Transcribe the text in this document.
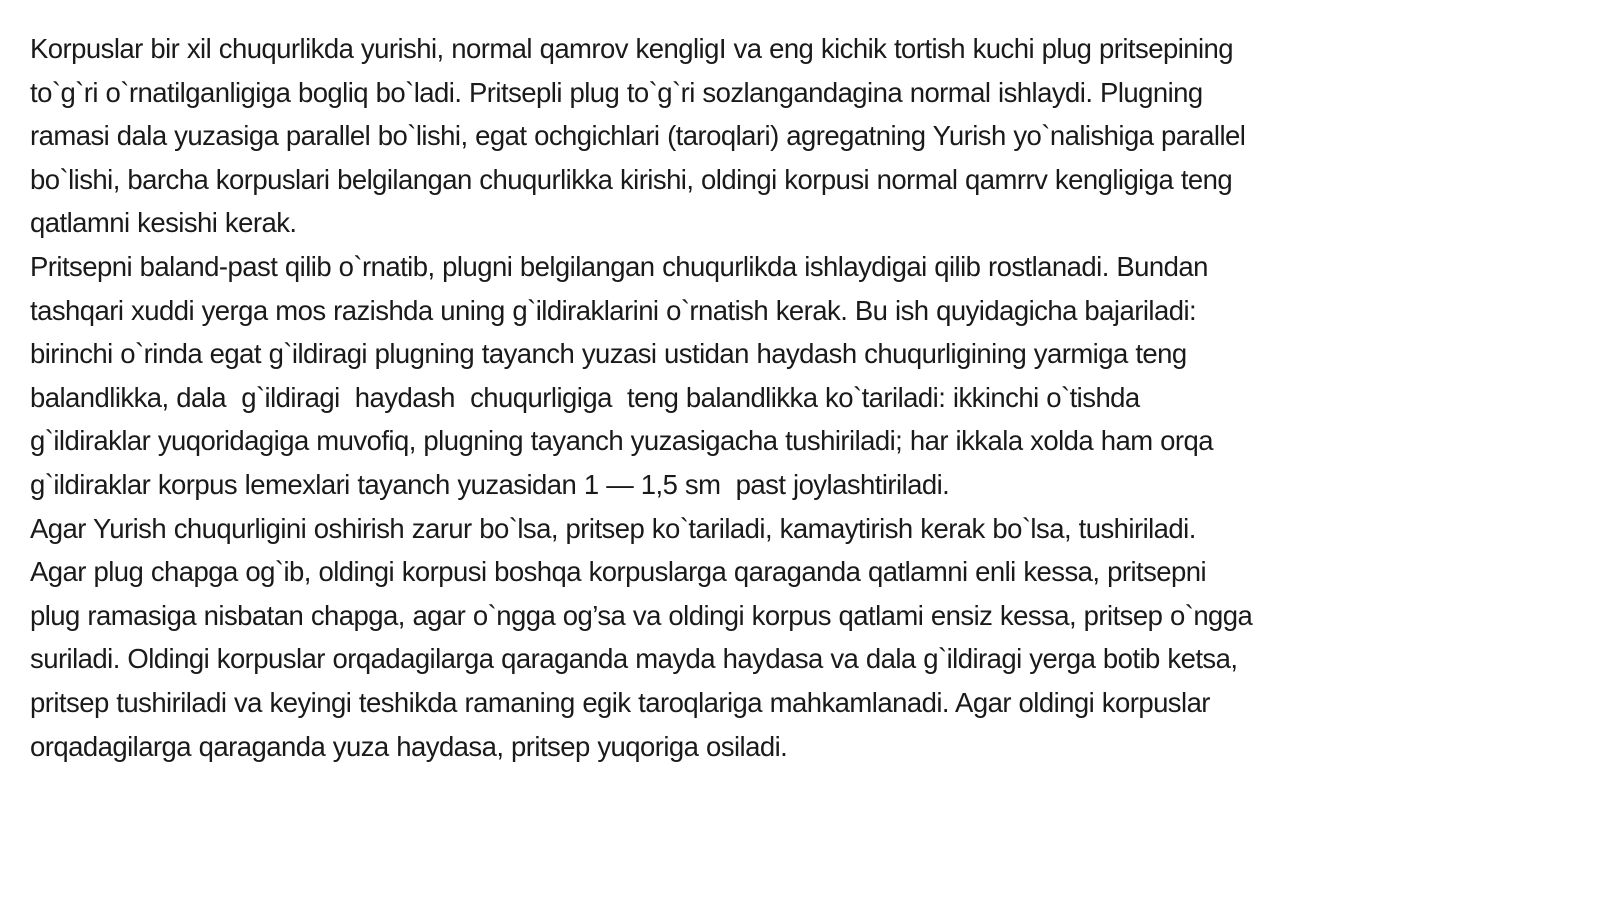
Korpuslar bir xil chuqurlikda yurishi, normal qamrov kengligI va eng kichik tortish kuchi plug pritsepining
to`g`ri o`rnatilganligiga bogliq bo`ladi. Pritsepli plug to`g`ri sozlangandagina normal ishlaydi. Plugning
ramasi dala yuzasiga parallel bo`lishi, egat ochgichlari (taroqlari) agregatning Yurish yo`nalishiga parallel
bo`lishi, barcha korpuslari belgilangan chuqurlikka kirishi, oldingi korpusi normal qamrrv kengligiga teng
qatlamni kesishi kerak.
Pritsepni baland-past qilib o`rnatib, plugni belgilangan chuqurlikda ishlaydigai qilib rostlanadi. Bundan
tashqari xuddi yerga mos razishda uning g`ildiraklarini o`rnatish kerak. Bu ish quyidagicha bajariladi:
birinchi o`rinda egat g`ildiragi plugning tayanch yuzasi ustidan haydash chuqurligining yarmiga teng
balandlikka, dala  g`ildiragi  haydash  chuqurligiga  teng balandlikka ko`tariladi: ikkinchi o`tishda
g`ildiraklar yuqoridagiga muvofiq, plugning tayanch yuzasigacha tushiriladi; har ikkala xolda ham orqa
g`ildiraklar korpus lemexlari tayanch yuzasidan 1 — 1,5 sm  past joylashtiriladi.
Agar Yurish chuqurligini oshirish zarur bo`lsa, pritsep ko`tariladi, kamaytirish kerak bo`lsa, tushiriladi.
Agar plug chapga og`ib, oldingi korpusi boshqa korpuslarga qaraganda qatlamni enli kessa, pritsepni
plug ramasiga nisbatan chapga, agar o`ngga og’sa va oldingi korpus qatlami ensiz kessa, pritsep o`ngga
suriladi. Oldingi korpuslar orqadagilarga qaraganda mayda haydasa va dala g`ildiragi yerga botib ketsa,
pritsep tushiriladi va keyingi teshikda ramaning egik taroqlariga mahkamlanadi. Agar oldingi korpuslar
orqadagilarga qaraganda yuza haydasa, pritsep yuqoriga osiladi.
